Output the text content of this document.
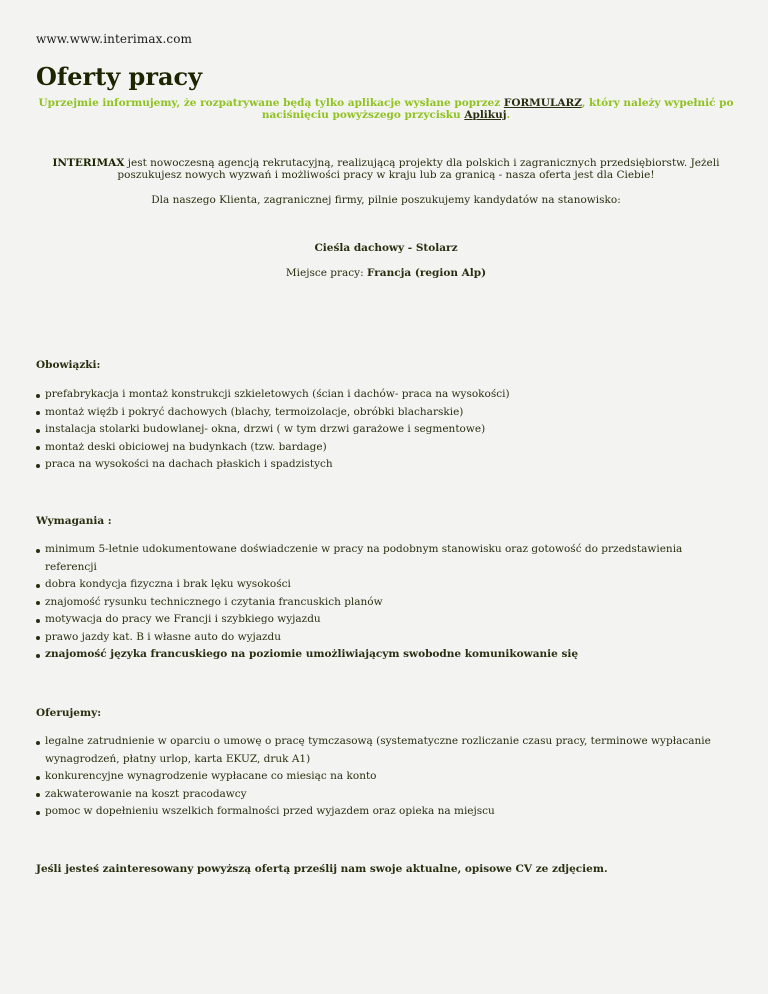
www.www.interimax.com
Oferty pracy
Uprzejmie informujemy, że rozpatrywane będą tylko aplikacje wysłane poprzez FORMULARZ, który należy wypełnić po naciśnięciu powyższego przycisku Aplikuj.
INTERIMAX jest nowoczesną agencją rekrutacyjną, realizującą projekty dla polskich i zagranicznych przedsiębiorstw. Jeżeli poszukujesz nowych wyzwań i możliwości pracy w kraju lub za granicą - nasza oferta jest dla Ciebie!
Dla naszego Klienta, zagranicznej firmy, pilnie poszukujemy kandydatów na stanowisko:
Cieśla dachowy - Stolarz
Miejsce pracy: Francja (region Alp)
Obowiązki:
prefabrykacja i montaż konstrukcji szkieletowych (ścian i dachów- praca na wysokości)
montaż więźb i pokryć dachowych (blachy, termoizolacje, obróbki blacharskie)
instalacja stolarki budowlanej- okna, drzwi ( w tym drzwi garażowe i segmentowe)
montaż deski obiciowej na budynkach (tzw. bardage)
praca na wysokości na dachach płaskich i spadzistych
Wymagania :
minimum 5-letnie udokumentowane doświadczenie w pracy na podobnym stanowisku oraz gotowość do przedstawienia referencji
dobra kondycja fizyczna i brak lęku wysokości
znajomość rysunku technicznego i czytania francuskich planów
motywacja do pracy we Francji i szybkiego wyjazdu
prawo jazdy kat. B i własne auto do wyjazdu
znajomość języka francuskiego na poziomie umożliwiającym swobodne komunikowanie się
Oferujemy:
legalne zatrudnienie w oparciu o umowę o pracę tymczasową (systematyczne rozliczanie czasu pracy, terminowe wypłacanie wynagrodzeń, płatny urlop, karta EKUZ, druk A1)
konkurencyjne wynagrodzenie wypłacane co miesiąc na konto
zakwaterowanie na koszt pracodawcy
pomoc w dopełnieniu wszelkich formalności przed wyjazdem oraz opieka na miejscu
Jeśli jesteś zainteresowany powyższą ofertą prześlij nam swoje aktualne, opisowe CV ze zdjęciem.
